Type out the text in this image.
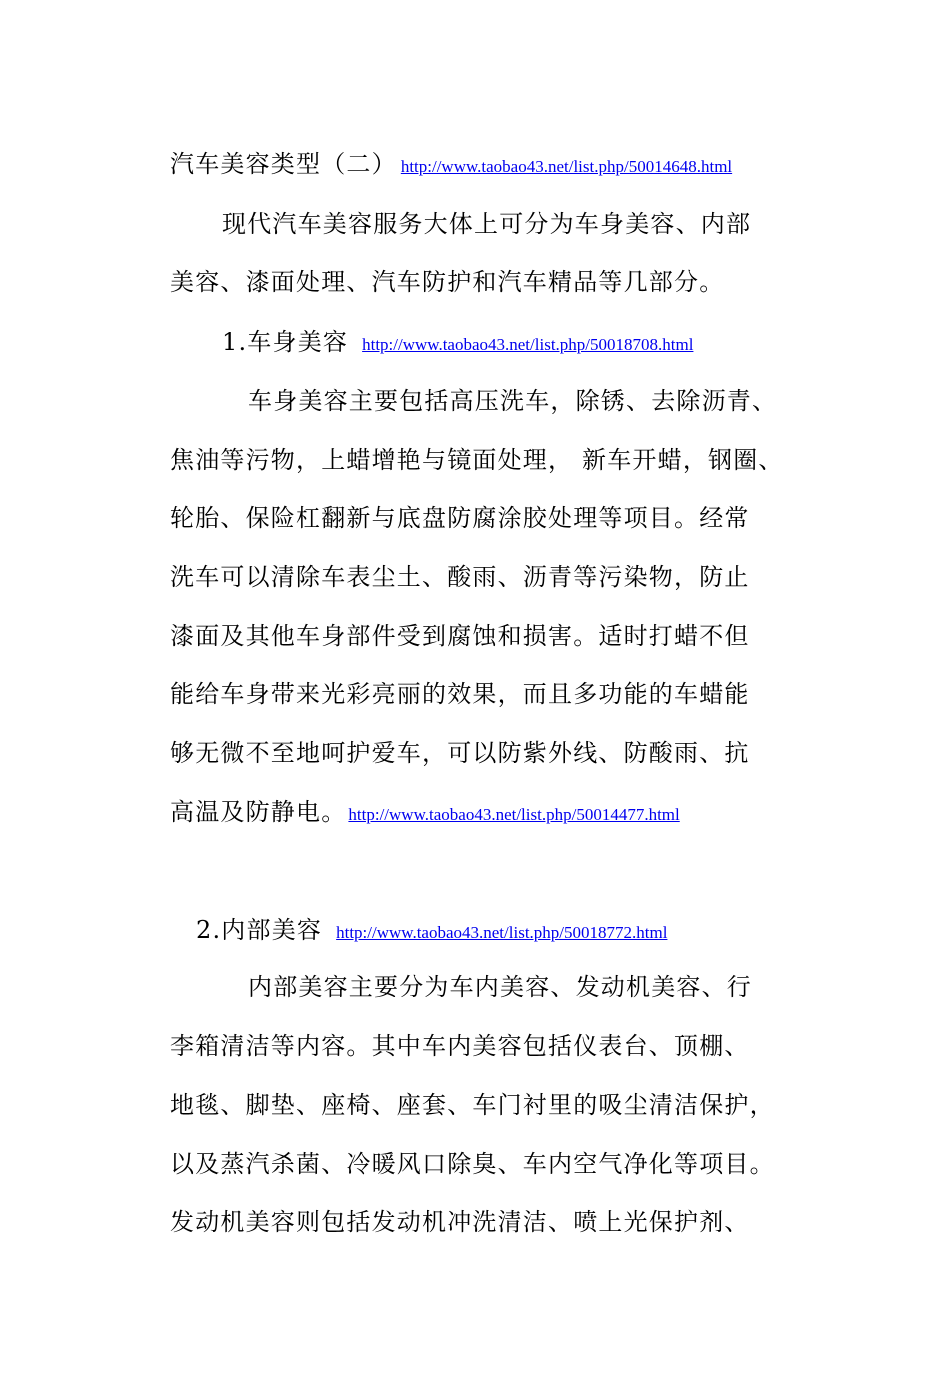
汽车美容类型（二） http://www.taobao43.net/list.php/50014648.html
现代汽车美容服务大体上可分为车身美容、内部
美容、漆面处理、汽车防护和汽车精品等几部分。
1.车身美容 http://www.taobao43.net/list.php/50018708.html
车身美容主要包括高压洗车，除锈、去除沥青、
焦油等污物，上蜡增艳与镜面处理， 新车开蜡，钢圈、
轮胎、保险杠翻新与底盘防腐涂胶处理等项目。经常
洗车可以清除车表尘土、酸雨、沥青等污染物，防止
漆面及其他车身部件受到腐蚀和损害。适时打蜡不但
能给车身带来光彩亮丽的效果，而且多功能的车蜡能
够无微不至地呵护爱车，可以防紫外线、防酸雨、抗
高温及防静电。 http://www.taobao43.net/list.php/50014477.html
2.内部美容 http://www.taobao43.net/list.php/50018772.html
内部美容主要分为车内美容、发动机美容、行
李箱清洁等内容。其中车内美容包括仪表台、顶棚、
地毯、脚垫、座椅、座套、车门衬里的吸尘清洁保护，
以及蒸汽杀菌、冷暖风口除臭、车内空气净化等项目。
发动机美容则包括发动机冲洗清洁、喷上光保护剂、
